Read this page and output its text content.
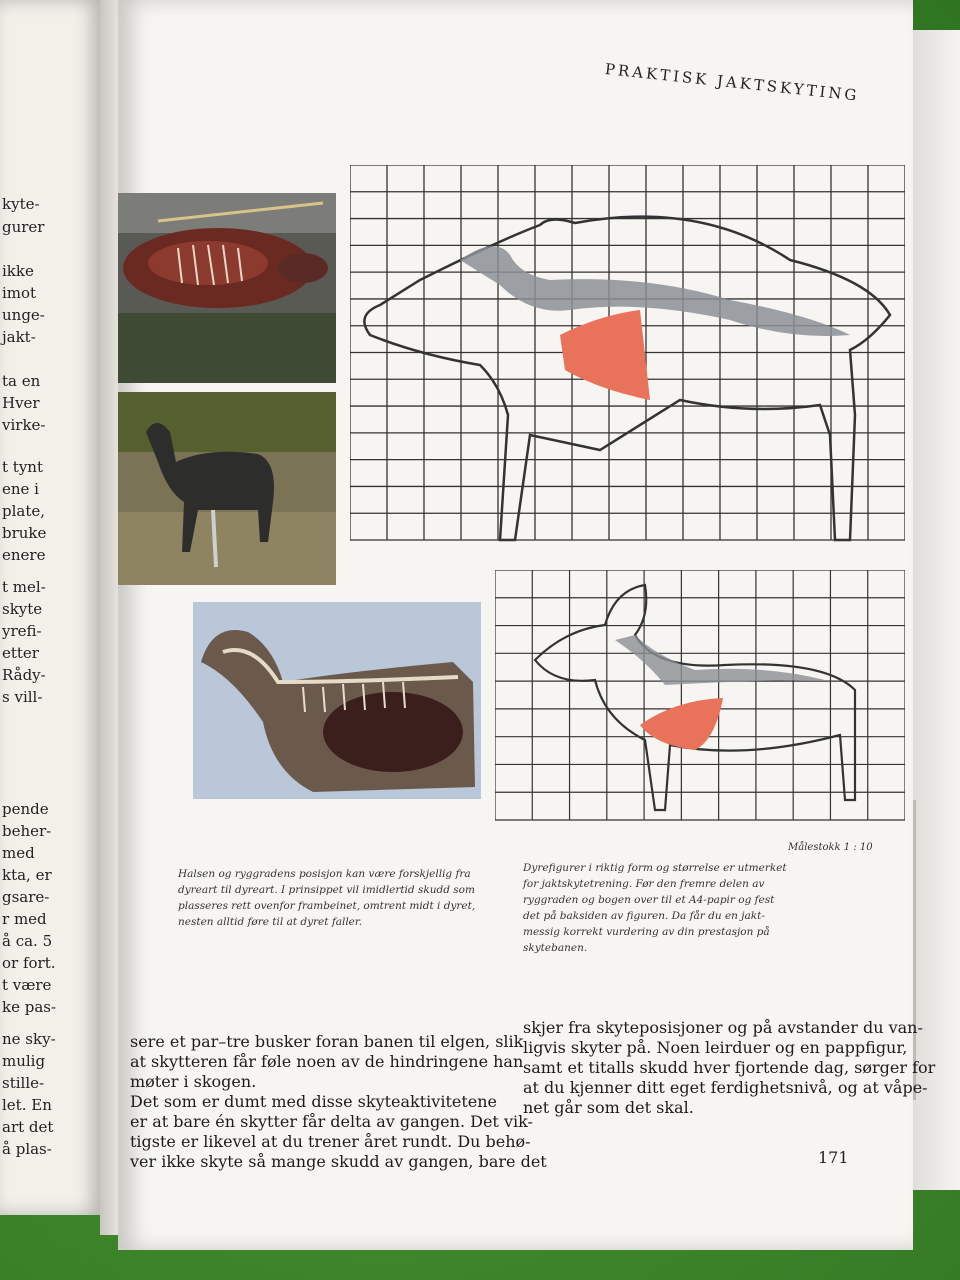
kyte-
gurer
ikke
imot
unge-
jakt-
ta en
Hver
virke-
t tynt
ene i
plate,
bruke
enere
t mel-
skyte
yrefi-
etter
Rådy-
s vill-
pende
beher-
med
kta, er
gsare-
r med
å ca. 5
or fort.
t være
ke pas-
ne sky-
mulig
stille-
let. En
art det
å plas-
PRAKTISK JAKTSKYTING
Målestokk 1 : 10
Halsen og ryggradens posisjon kan være forskjellig fra
dyreart til dyreart. I prinsippet vil imidlertid skudd som
plasseres rett ovenfor frambeinet, omtrent midt i dyret,
nesten alltid føre til at dyret faller.
Dyrefigurer i riktig form og størrelse er utmerket
for jaktskytetrening. Før den fremre delen av
ryggraden og bogen over til et A4-papir og fest
det på baksiden av figuren. Da får du en jakt-
messig korrekt vurdering av din prestasjon på
skytebanen.
sere et par–tre busker foran banen til elgen, slik
at skytteren får føle noen av de hindringene han
møter i skogen.
Det som er dumt med disse skyteaktivitetene
er at bare én skytter får delta av gangen. Det vik-
tigste er likevel at du trener året rundt. Du behø-
ver ikke skyte så mange skudd av gangen, bare det
skjer fra skyteposisjoner og på avstander du van-
ligvis skyter på. Noen leirduer og en pappfigur,
samt et titalls skudd hver fjortende dag, sørger for
at du kjenner ditt eget ferdighetsnivå, og at våpe-
net går som det skal.
171
